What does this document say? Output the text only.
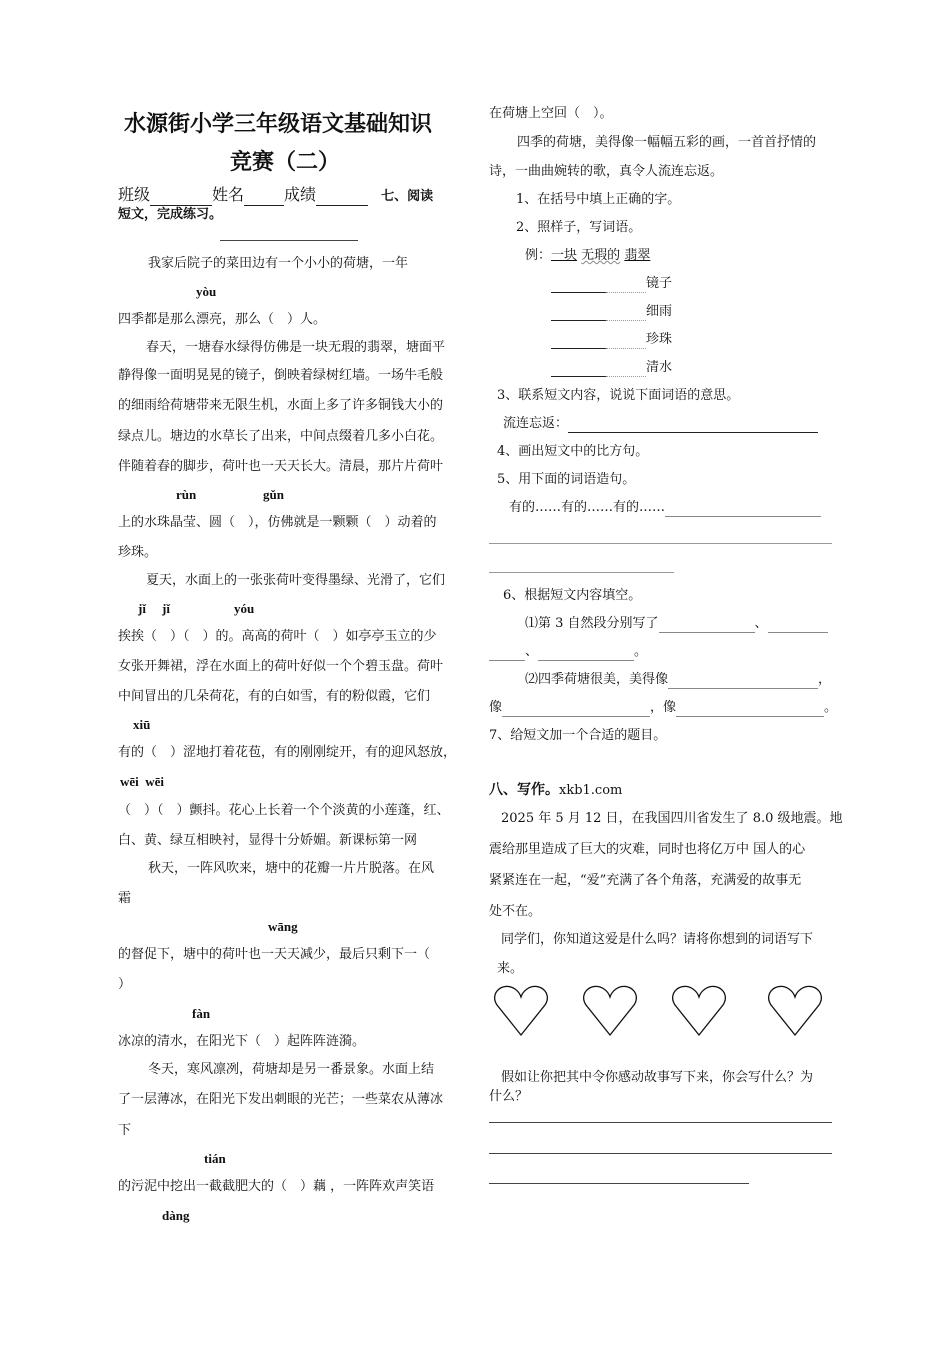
水源街小学三年级语文基础知识
竞赛（二）
班级	姓名	成绩	七、阅读
短文，完成练习。
我家后院子的菜田边有一个小小的荷塘，一年
yòu
四季都是那么漂亮，那么（　）人。
春天，一塘春水绿得仿佛是一块无瑕的翡翠，塘面平
静得像一面明晃晃的镜子，倒映着绿树红墙。一场牛毛般
的细雨给荷塘带来无限生机，水面上多了许多铜钱大小的
绿点儿。塘边的水草长了出来，中间点缀着几多小白花。
伴随着春的脚步，荷叶也一天天长大。清晨，那片片荷叶
rùn	gǔn
上的水珠晶莹、圆（　），仿佛就是一颗颗（　）动着的
珍珠。
夏天，水面上的一张张荷叶变得墨绿、光滑了，它们
jǐ jǐ	yóu
挨挨（　）（　）的。高高的荷叶（　）如亭亭玉立的少
女张开舞裙，浮在水面上的荷叶好似一个个碧玉盘。荷叶
中间冒出的几朵荷花，有的白如雪，有的粉似霞，它们
xiū
有的（　）涩地打着花苞，有的刚刚绽开，有的迎风怒放，
wēi  wēi
（　）（　）颤抖。花心上长着一个个淡黄的小莲蓬，红、
白、黄、绿互相映衬，显得十分娇媚。新课标第一网
秋天，一阵风吹来，塘中的花瓣一片片脱落。在风
霜
wāng
的督促下，塘中的荷叶也一天天减少，最后只剩下一（
）
fàn
冰凉的清水，在阳光下（　）起阵阵涟漪。
冬天，寒风凛冽，荷塘却是另一番景象。水面上结
了一层薄冰，在阳光下发出刺眼的光芒；一些菜农从薄冰
下
tián
的污泥中挖出一截截肥大的（　）藕 ，一阵阵欢声笑语
dàng
在荷塘上空回（　）。
四季的荷塘，美得像一幅幅五彩的画，一首首抒情的
诗，一曲曲婉转的歌，真令人流连忘返。
1、在括号中填上正确的字。
2、照样子，写词语。
例：一块 无瑕的 翡翠
镜子
细雨
珍珠
清水
3、联系短文内容，说说下面词语的意思。
流连忘返：
4、画出短文中的比方句。
5、用下面的词语造句。
有的……有的……有的……
6、根据短文内容填空。
⑴第 3 自然段分别写了	、
、	。
⑵四季荷塘很美，美得像	，
像	，像	。
7、给短文加一个合适的题目。
八、写作。xkb1.com
2025 年 5 月 12 日，在我国四川省发生了 8.0 级地震。地
震给那里造成了巨大的灾难，同时也将亿万中 国人的心
紧紧连在一起，“爱”充满了各个角落，充满爱的故事无
处不在。
同学们，你知道这爱是什么吗？请将你想到的词语写下
来。
假如让你把其中令你感动故事写下来，你会写什么？为
什么？
